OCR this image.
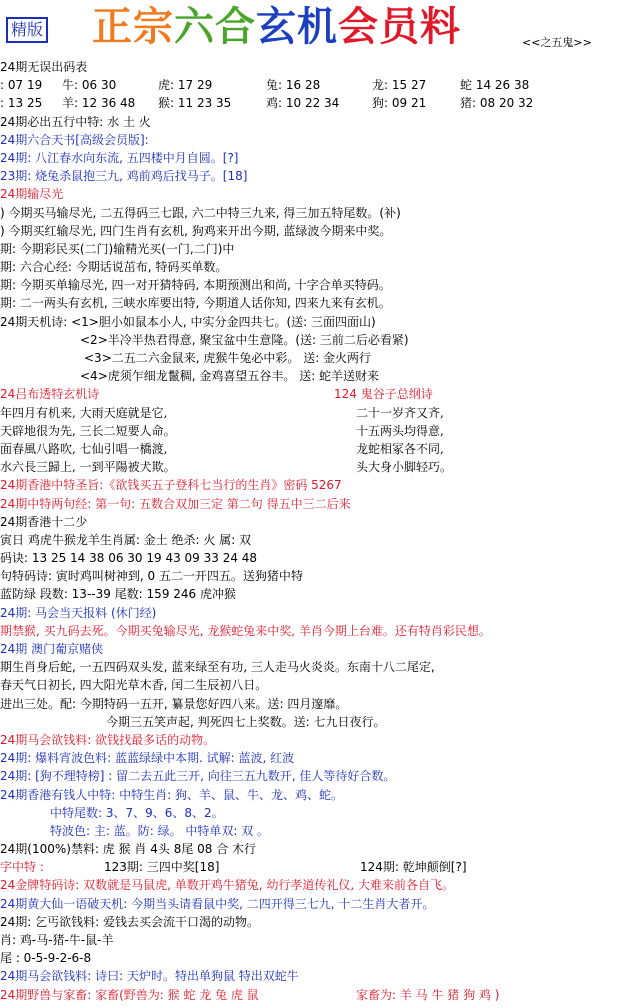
精版 正宗六合玄机会员料	<<之五鬼>>
24期无误出码表
: 07 19 牛: 06 30	虎: 17 29	兔: 16 28	龙: 15 27	蛇 14 26 38
: 13 25 羊: 12 36 48 猴: 11 23 35	鸡: 10 22 34	狗: 09 21	猪: 08 20 32
24期必出五行中特: 水 土 火
24期六合天书[高级会员版]:
24期: 八江春水向东流, 五四楼中月自圆。[?]
23期: 烧兔杀鼠抱三九, 鸡前鸡后找马子。[18]
24期输尽光
) 今期买马输尽光, 二五得码三七跟, 六二中特三九来, 得三加五特尾数。(补)
) 今期买红输尽光, 四门生肖有玄机, 狗鸡来开出今期, 蓝绿波今期来中奖。
期: 今期彩民买(二门)输精光买(一门,二门)中
期: 六合心经: 今期话说茁布, 特码买单数。
期: 今期买单输尽光, 四一对开猜特码, 本期预测出和尚, 十字合单买特码。
期: 二一两头有玄机, 三峡水库要出特, 今期道人话你知, 四来九来有玄机。
24期天机诗: <1>胆小如鼠本小人, 中实分金四共七。(送: 三面四面山)
<2>半冷半热君得意, 聚宝盆中生意隆。(送: 三前二后必看紧)
<3>二五二六金鼠来, 虎猴牛兔必中彩。 送: 金火两行
<4>虎须乍细龙鬣稠, 金鸡喜望五谷丰。 送: 蛇羊送财来
24吕布透特玄机诗	124 鬼谷子总纲诗
年四月有机来, 大雨天庭就是它,	二十一岁齐又齐,
天辟地很为先, 三长二短要人命。	十五两头均得意,
面春風八路吹, 七仙引唱一橋渡,	龙蛇相冢各不同,
水六長三歸上, 一到平陽被犬欺。	头大身小脚轻巧。
24期香港中特圣旨:《欲钱买五子登科七当行的生肖》密码 5267
24期中特两句经: 第一句: 五数合双加三定 第二句 得五中三二后来
24期香港十二少
寅日 鸡虎牛猴龙羊生肖属: 金土 绝杀: 火 属: 双
码诀: 13 25 14 38 06 30 19 43 09 33 24 48
句特码诗: 寅时鸡叫树神到, 0 五二一开四五。送狗猪中特
蓝防绿 段数: 13--39 尾数: 159 246 虎冲猴
24期: 马会当天报料 (休门经)
期禁猴, 买九码去死。今期买兔输尽光, 龙猴蛇兔来中奖, 羊肖今期上台难。还有特肖彩民想。
24期 澳门葡京赌侠
期生肖身后蛇, 一五四码双头发, 蓝来绿至有功, 三人走马火炎炎。东南十八二尾定,
春天气日初长, 四大阳光草木香, 闰二生辰初八日。
进出三处。配: 今期特码一五开, 纂景您好四八来。送: 四月邃靡。
今期三五笑声起, 判死四七上奖数。送: 七九日夜行。
24期马会欲钱料: 欲钱找最多话的动物。
24期: 爆料宵波色料: 蓝蓝绿绿中本期. 试解: 蓝波, 红波
24期: [狗不理特榜] : 留二去五此三开, 向往三五九数开, 佳人等待好合数。
24期香港有钱人中特: 中特生肖: 狗、羊、鼠、牛、龙、鸡、蛇。
中特尾数: 3、7、9、6、8、2。
特波色: 主: 蓝。防: 绿。 中特单双: 双 。
24期(100%)禁料: 虎 猴 肖 4头 8尾 08 合 木行
字中特 :	123期: 三四中奖[18]	124期: 乾坤颠倒[?]
24金牌特码诗: 双数就是马鼠虎, 单数开鸡牛猪兔, 幼行孝道传礼仪, 大难来前各自飞。
24期黄大仙一语破天机: 今期当头请看鼠中奖, 二四开得三七九, 十二生肖大者开。
24期: 乞丐欲钱料: 爱钱去买会流干口渴的动物。
肖: 鸡-马-猪-牛-鼠-羊
尾 : 0-5-9-2-6-8
24期马会欲钱料: 诗曰: 天炉时。特出单狗鼠 特出双蛇牛
24期野兽与家畜: 家畜(野兽为: 猴 蛇 龙 兔 虎 鼠	家畜为: 羊 马 牛 猪 狗 鸡 )
